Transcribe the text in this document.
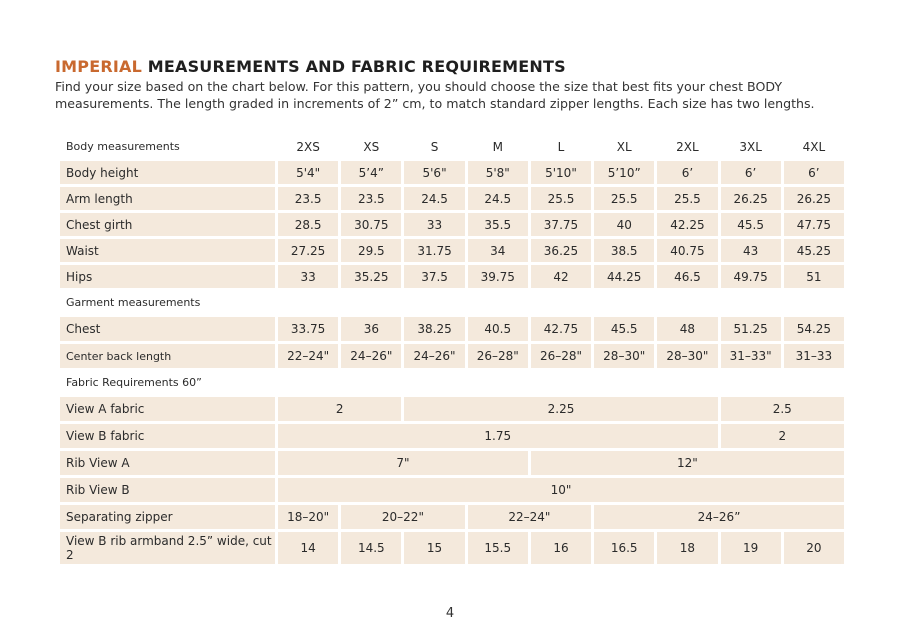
IMPERIAL MEASUREMENTS AND FABRIC REQUIREMENTS
Find your size based on the chart below. For this pattern, you should choose the size that best fits your chest BODY measurements. The length graded in increments of 2” cm, to match standard zipper lengths. Each size has two lengths.
Body measurements	2XS	XS	S	M	L	XL	2XL	3XL	4XL
Body height	5'4"	5’4”	5'6"	5'8"	5'10"	5’10”	6’	6’	6’
Arm length	23.5	23.5	24.5	24.5	25.5	25.5	25.5	26.25	26.25
Chest girth	28.5	30.75	33	35.5	37.75	40	42.25	45.5	47.75
Waist	27.25	29.5	31.75	34	36.25	38.5	40.75	43	45.25
Hips	33	35.25	37.5	39.75	42	44.25	46.5	49.75	51
Garment measurements									
Chest	33.75	36	38.25	40.5	42.75	45.5	48	51.25	54.25
Center back length	22–24"	24–26"	24–26"	26–28"	26–28"	28–30"	28–30"	31–33"	31–33
Fabric Requirements 60”									
View A fabric	2		2.25					2.5	
View B fabric	1.75							2	
Rib View A	7"				12"				
Rib View B	10"								
Separating zipper	18–20"	20–22"		22–24"		24–26”			
View B rib armband 2.5” wide, cut 2	14	14.5	15	15.5	16	16.5	18	19	20
4
